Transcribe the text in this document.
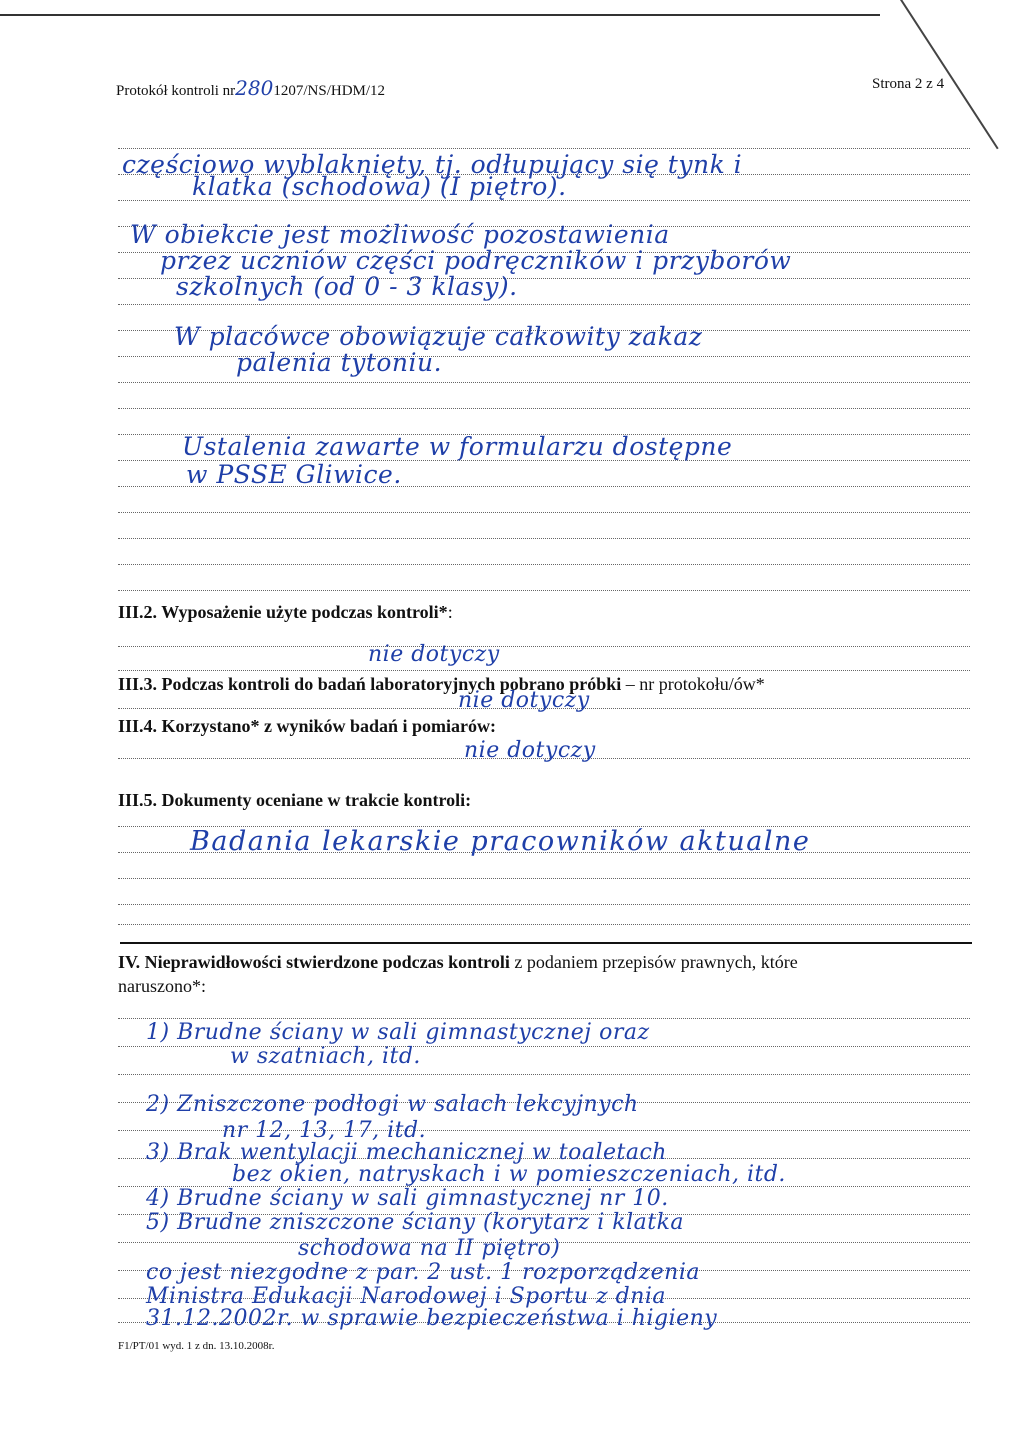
Protokół kontroli nr2801207/NS/HDM/12	Strona 2 z 4
częściowo wyblaknięty, tj. odłupujący się tynk i
klatka (schodowa) (I piętro).
W obiekcie jest możliwość pozostawienia
przez uczniów części podręczników i przyborów
szkolnych (od 0 - 3 klasy).
W placówce obowiązuje całkowity zakaz
palenia tytoniu.
Ustalenia zawarte w formularzu dostępne
w PSSE Gliwice.
III.2. Wyposażenie użyte podczas kontroli*:
nie dotyczy
III.3. Podczas kontroli do badań laboratoryjnych pobrano próbki – nr protokołu/ów*
nie dotyczy
III.4. Korzystano* z wyników badań i pomiarów:
nie dotyczy
III.5. Dokumenty oceniane w trakcie kontroli:
Badania lekarskie pracowników aktualne
IV. Nieprawidłowości stwierdzone podczas kontroli z podaniem przepisów prawnych, które
naruszono*:
1) Brudne ściany w sali gimnastycznej oraz
w szatniach, itd.
2) Zniszczone podłogi w salach lekcyjnych
nr 12, 13, 17, itd.
3) Brak wentylacji mechanicznej w toaletach
bez okien, natryskach i w pomieszczeniach, itd.
4) Brudne ściany w sali gimnastycznej nr 10.
5) Brudne zniszczone ściany (korytarz i klatka
schodowa na II piętro)
co jest niezgodne z par. 2 ust. 1 rozporządzenia
Ministra Edukacji Narodowej i Sportu z dnia
31.12.2002r. w sprawie bezpieczeństwa i higieny
F1/PT/01 wyd. 1 z dn. 13.10.2008r.
